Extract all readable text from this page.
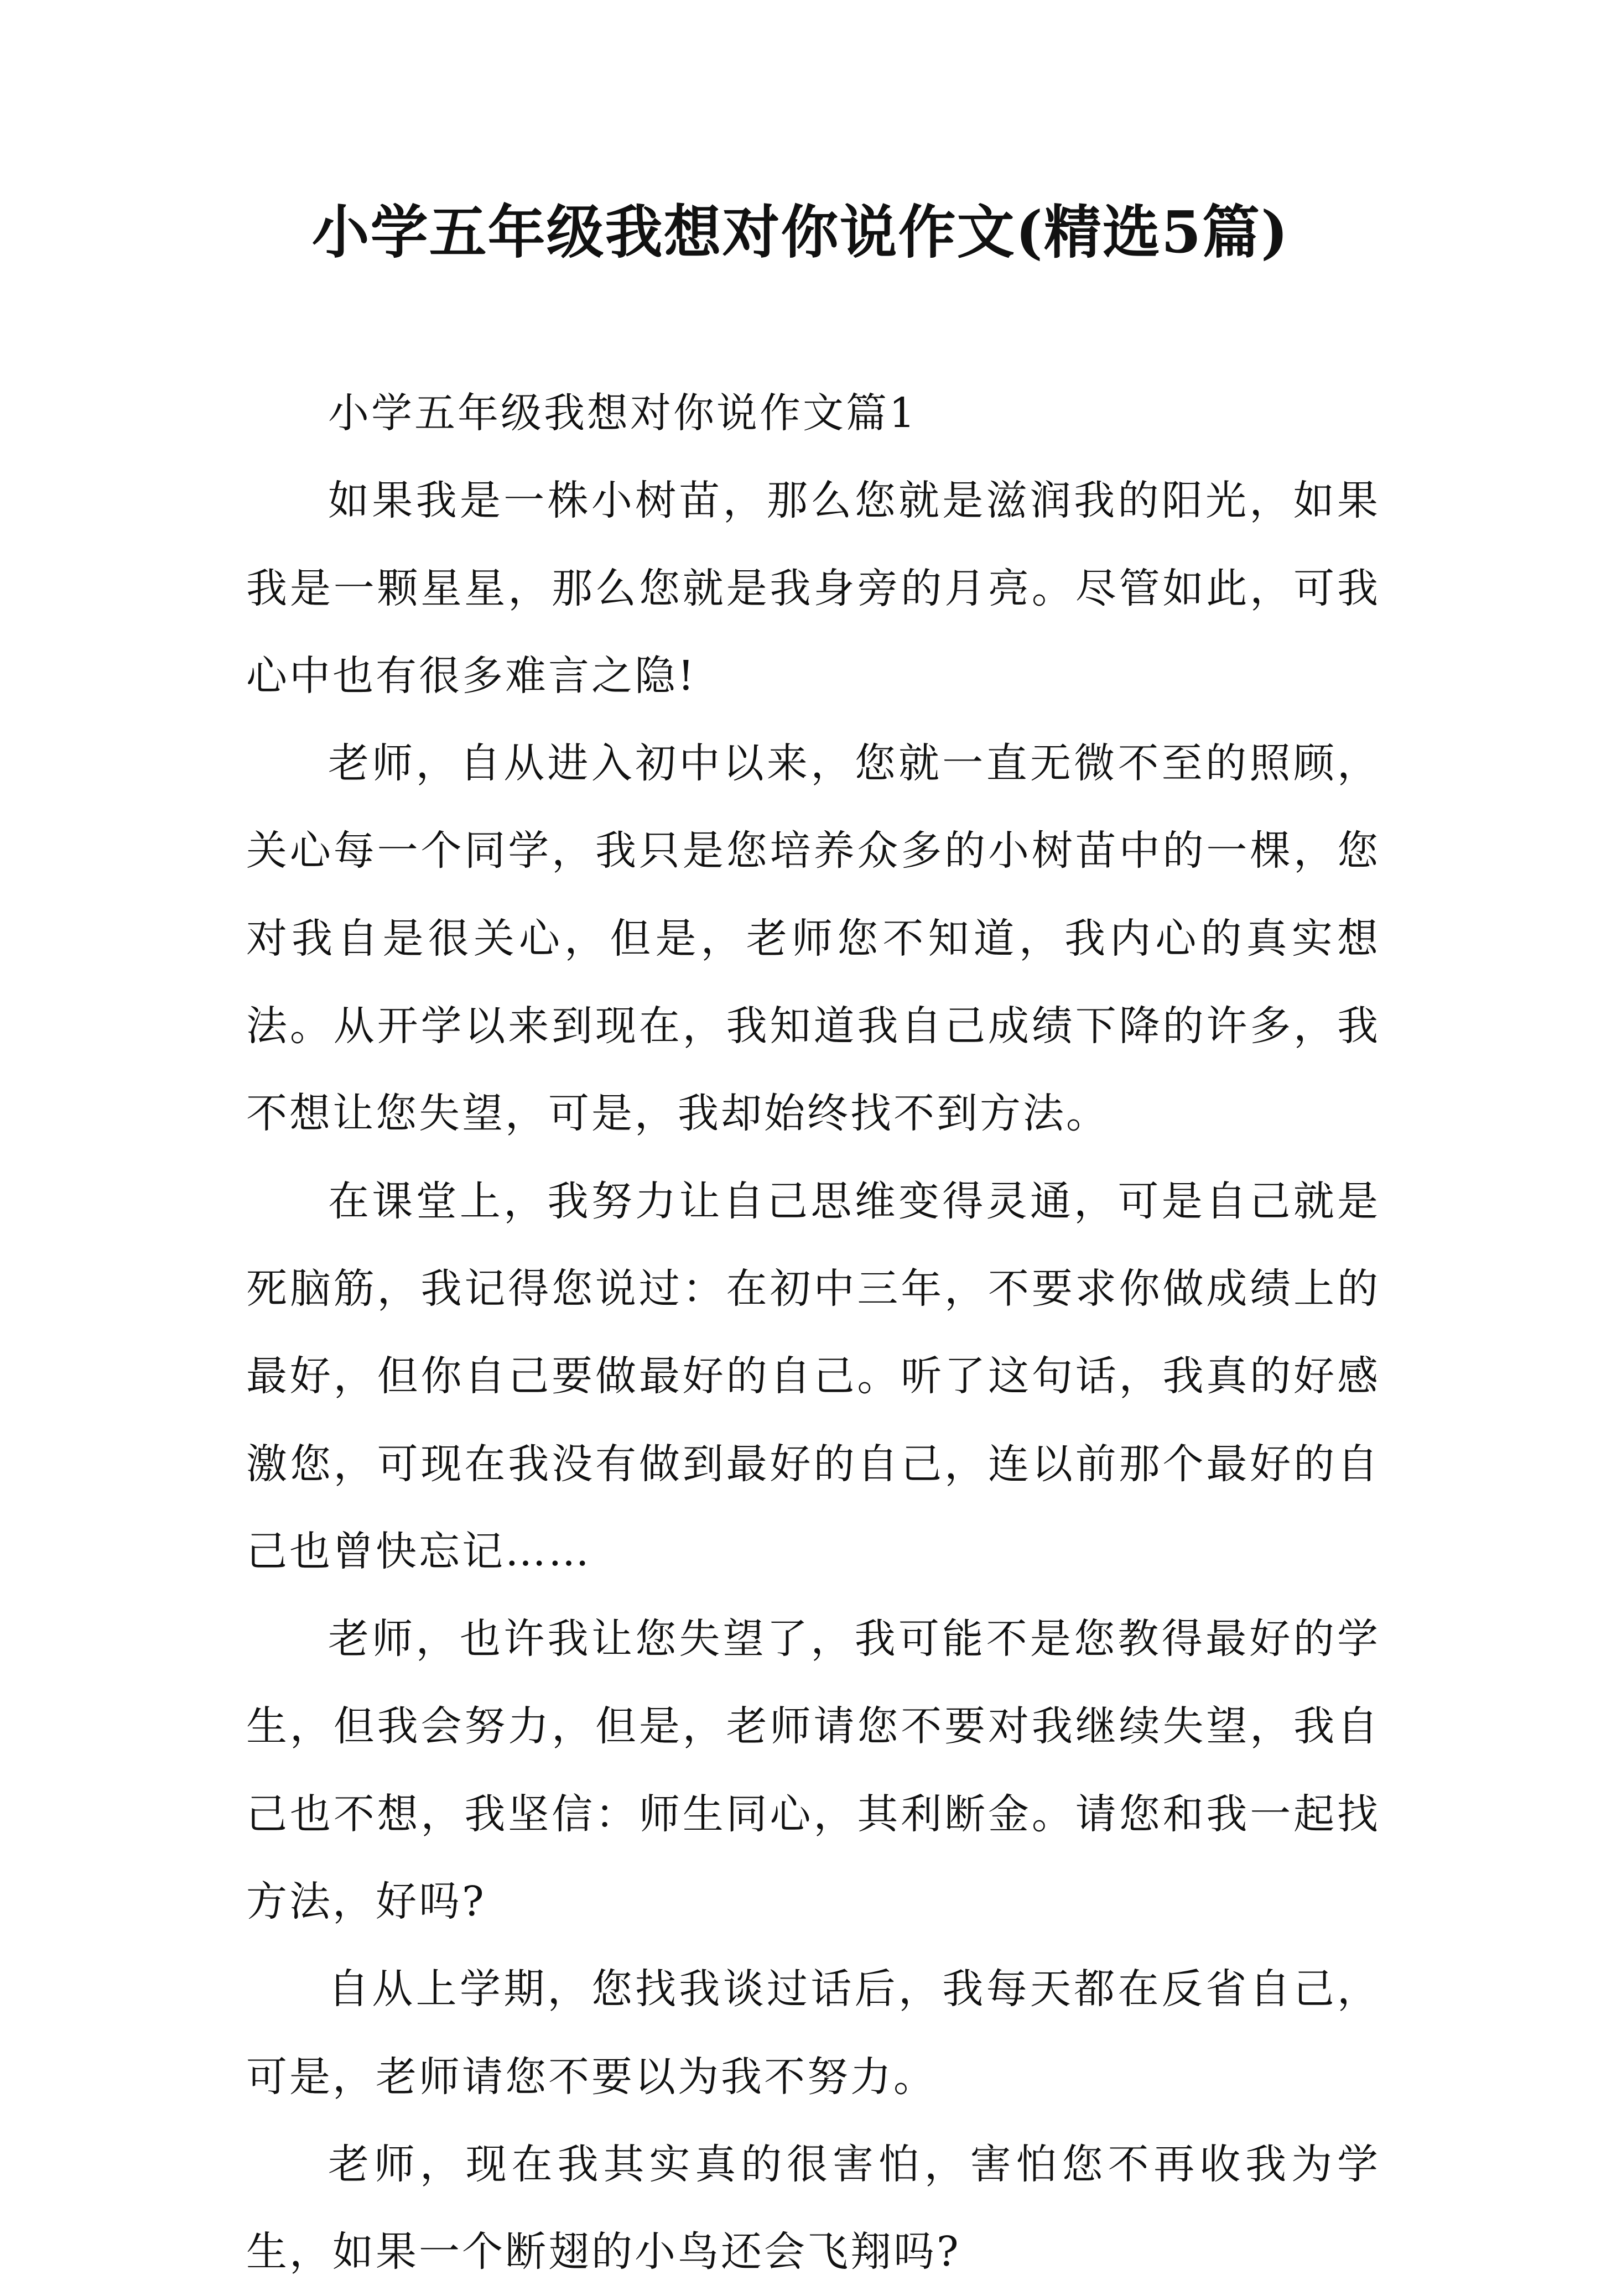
小学五年级我想对你说作文(精选5篇)

小学五年级我想对你说作文篇1

如果我是一株小树苗，那么您就是滋润我的阳光，如果我是一颗星星，那么您就是我身旁的月亮。尽管如此，可我心中也有很多难言之隐!

老师，自从进入初中以来，您就一直无微不至的照顾，关心每一个同学，我只是您培养众多的小树苗中的一棵，您对我自是很关心，但是，老师您不知道，我内心的真实想法。从开学以来到现在，我知道我自己成绩下降的许多，我不想让您失望，可是，我却始终找不到方法。

在课堂上，我努力让自己思维变得灵通，可是自己就是死脑筋，我记得您说过：在初中三年，不要求你做成绩上的最好，但你自己要做最好的自己。听了这句话，我真的好感激您，可现在我没有做到最好的自己，连以前那个最好的自己也曾快忘记……

老师，也许我让您失望了，我可能不是您教得最好的学生，但我会努力，但是，老师请您不要对我继续失望，我自己也不想，我坚信：师生同心，其利断金。请您和我一起找方法，好吗?

自从上学期，您找我谈过话后，我每天都在反省自己，可是，老师请您不要以为我不努力。

老师，现在我其实真的很害怕，害怕您不再收我为学生，如果一个断翅的小鸟还会飞翔吗?
